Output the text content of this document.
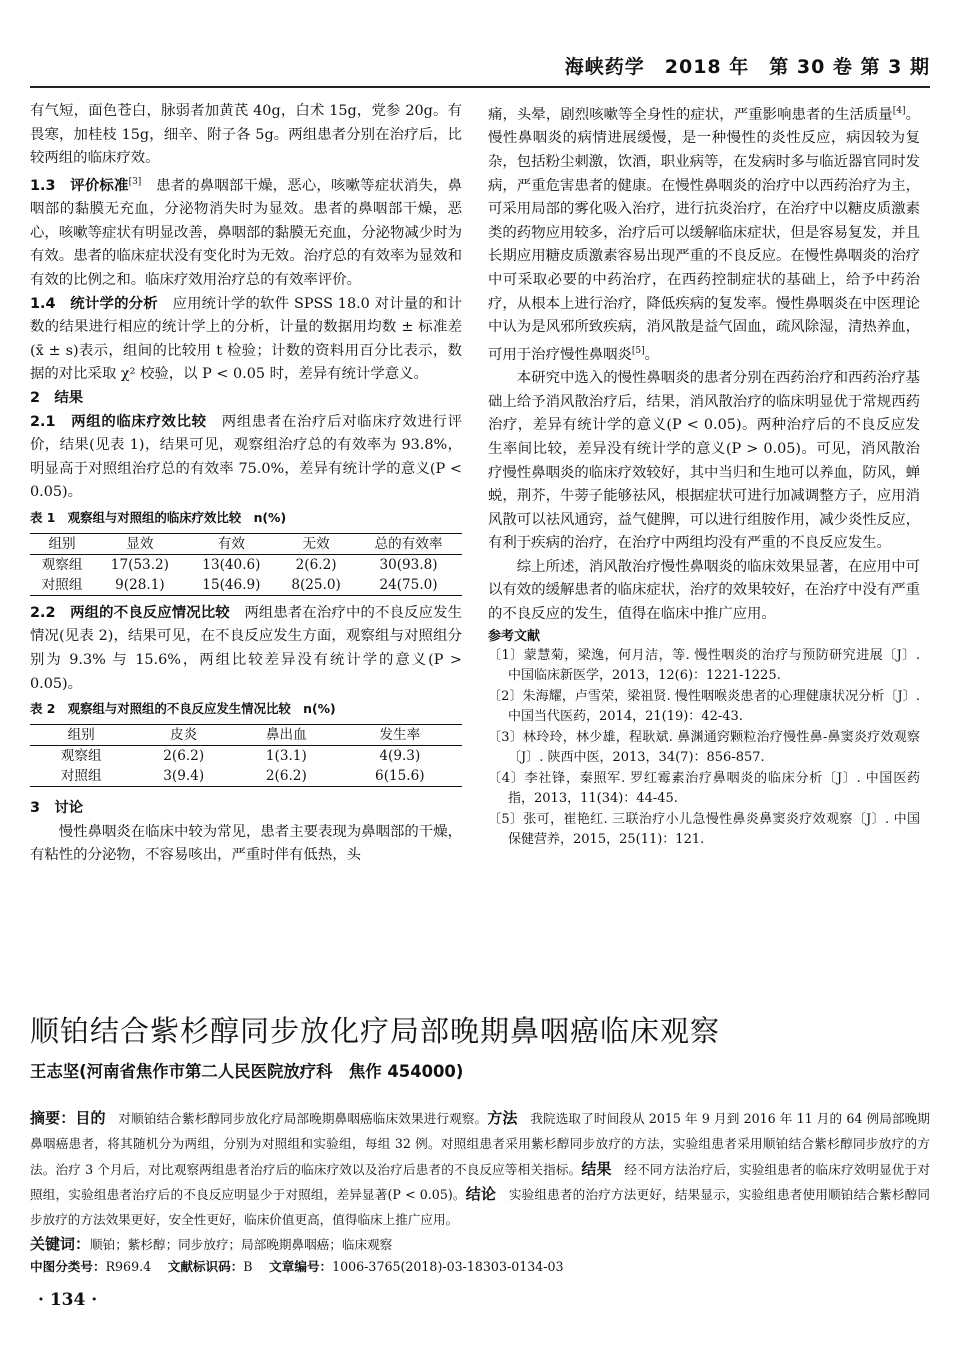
海峡药学　2018 年　第 30 卷 第 3 期

有气短，面色苍白，脉弱者加黄芪 40g，白术 15g，党参 20g。有畏寒，加桂枝 15g，细辛、附子各 5g。两组患者分别在治疗后，比较两组的临床疗效。

1.3　评价标准[3]　患者的鼻咽部干燥，恶心，咳嗽等症状消失，鼻咽部的黏膜无充血，分泌物消失时为显效。患者的鼻咽部干燥，恶心，咳嗽等症状有明显改善，鼻咽部的黏膜无充血，分泌物减少时为有效。患者的临床症状没有变化时为无效。治疗总的有效率为显效和有效的比例之和。临床疗效用治疗总的有效率评价。

1.4　统计学的分析　应用统计学的软件 SPSS 18.0 对计量的和计数的结果进行相应的统计学上的分析，计量的数据用均数 ± 标准差(x̄ ± s)表示，组间的比较用 t 检验；计数的资料用百分比表示，数据的对比采取 χ² 校验，以 P < 0.05 时，差异有统计学意义。

2　结果

2.1　两组的临床疗效比较　两组患者在治疗后对临床疗效进行评价，结果(见表 1)，结果可见，观察组治疗总的有效率为 93.8%，明显高于对照组治疗总的有效率 75.0%，差异有统计学的意义(P < 0.05)。

表 1　观察组与对照组的临床疗效比较　n(%)
组别	显效	有效	无效	总的有效率
观察组	17(53.2)	13(40.6)	2(6.2)	30(93.8)
对照组	9(28.1)	15(46.9)	8(25.0)	24(75.0)

2.2　两组的不良反应情况比较　两组患者在治疗中的不良反应发生情况(见表 2)，结果可见，在不良反应发生方面，观察组与对照组分别为 9.3% 与 15.6%，两组比较差异没有统计学的意义(P > 0.05)。

表 2　观察组与对照组的不良反应发生情况比较　n(%)
组别	皮炎	鼻出血	发生率
观察组	2(6.2)	1(3.1)	4(9.3)
对照组	3(9.4)	2(6.2)	6(15.6)
3　讨论

慢性鼻咽炎在临床中较为常见，患者主要表现为鼻咽部的干燥，有粘性的分泌物，不容易咳出，严重时伴有低热，头

痛，头晕，剧烈咳嗽等全身性的症状，严重影响患者的生活质量[4]。慢性鼻咽炎的病情进展缓慢，是一种慢性的炎性反应，病因较为复杂，包括粉尘刺激，饮酒，职业病等，在发病时多与临近器官同时发病，严重危害患者的健康。在慢性鼻咽炎的治疗中以西药治疗为主，可采用局部的雾化吸入治疗，进行抗炎治疗，在治疗中以糖皮质激素类的药物应用较多，治疗后可以缓解临床症状，但是容易复发，并且长期应用糖皮质激素容易出现严重的不良反应。在慢性鼻咽炎的治疗中可采取必要的中药治疗，在西药控制症状的基础上，给予中药治疗，从根本上进行治疗，降低疾病的复发率。慢性鼻咽炎在中医理论中认为是风邪所致疾病，消风散是益气固血，疏风除湿，清热养血，可用于治疗慢性鼻咽炎[5]。

本研究中选入的慢性鼻咽炎的患者分别在西药治疗和西药治疗基础上给予消风散治疗后，结果，消风散治疗的临床明显优于常规西药治疗，差异有统计学的意义(P < 0.05)。两种治疗后的不良反应发生率间比较，差异没有统计学的意义(P > 0.05)。可见，消风散治疗慢性鼻咽炎的临床疗效较好，其中当归和生地可以养血，防风，蝉蜕，荆芥，牛蒡子能够祛风，根据症状可进行加减调整方子，应用消风散可以祛风通窍，益气健脾，可以进行组胺作用，减少炎性反应，有利于疾病的治疗，在治疗中两组均没有严重的不良反应发生。

综上所述，消风散治疗慢性鼻咽炎的临床效果显著，在应用中可以有效的缓解患者的临床症状，治疗的效果较好，在治疗中没有严重的不良反应的发生，值得在临床中推广应用。

参考文献
〔1〕蒙慧菊，梁逸，何月洁，等. 慢性咽炎的治疗与预防研究进展〔J〕. 中国临床新医学，2013，12(6)：1221-1225.
〔2〕朱海耀，卢雪荣，梁祖贤. 慢性咽喉炎患者的心理健康状况分析〔J〕. 中国当代医药，2014，21(19)：42-43.
〔3〕林玲玲，林少雄，程耿斌. 鼻渊通窍颗粒治疗慢性鼻-鼻窦炎疗效观察〔J〕. 陕西中医，2013，34(7)：856-857.
〔4〕李社锋，秦照军. 罗红霉素治疗鼻咽炎的临床分析〔J〕. 中国医药指，2013，11(34)：44-45.
〔5〕张可，崔艳红. 三联治疗小儿急慢性鼻炎鼻窦炎疗效观察〔J〕. 中国保健营养，2015，25(11)：121.
顺铂结合紫杉醇同步放化疗局部晚期鼻咽癌临床观察
王志坚(河南省焦作市第二人民医院放疗科　焦作 454000)
摘要：目的　对顺铂结合紫杉醇同步放化疗局部晚期鼻咽癌临床效果进行观察。方法　我院选取了时间段从 2015 年 9 月到 2016 年 11 月的 64 例局部晚期鼻咽癌患者，将其随机分为两组，分别为对照组和实验组，每组 32 例。对照组患者采用紫杉醇同步放疗的方法，实验组患者采用顺铂结合紫杉醇同步放疗的方法。治疗 3 个月后，对比观察两组患者治疗后的临床疗效以及治疗后患者的不良反应等相关指标。结果　经不同方法治疗后，实验组患者的临床疗效明显优于对照组，实验组患者治疗后的不良反应明显少于对照组，差异显著(P < 0.05)。结论　实验组患者的治疗方法更好，结果显示，实验组患者使用顺铂结合紫杉醇同步放疗的方法效果更好，安全性更好，临床价值更高，值得临床上推广应用。
关键词：顺铂；紫杉醇；同步放疗；局部晚期鼻咽癌；临床观察
中图分类号：R969.4　 文献标识码：B　 文章编号：1006-3765(2018)-03-18303-0134-03
· 134 ·
